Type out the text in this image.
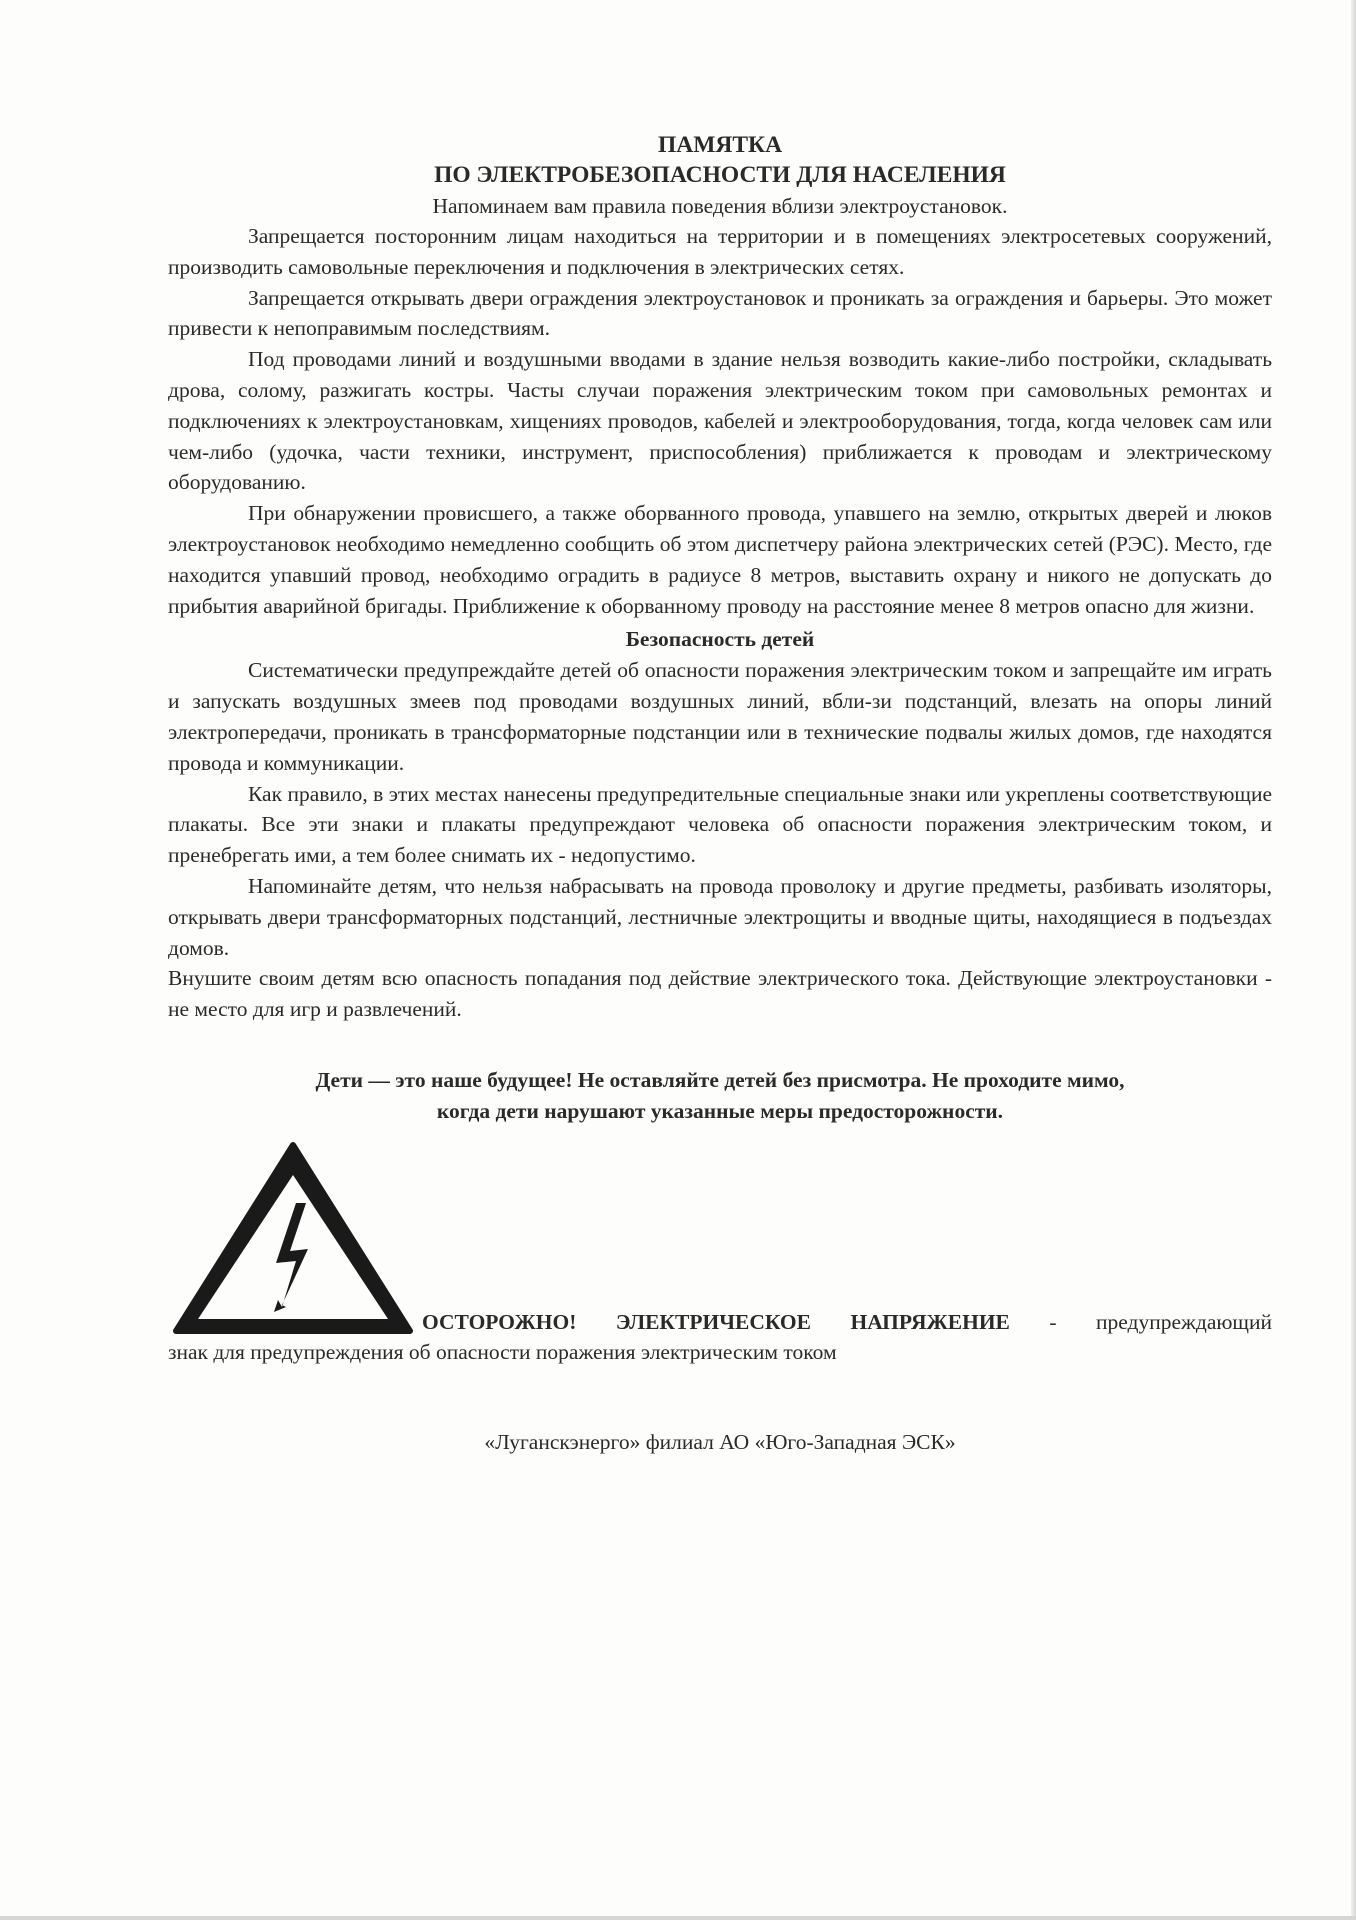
ПАМЯТКА
ПО ЭЛЕКТРОБЕЗОПАСНОСТИ ДЛЯ НАСЕЛЕНИЯ

Напоминаем вам правила поведения вблизи электроустановок.

Запрещается посторонним лицам находиться на территории и в помещениях электросетевых сооружений, производить самовольные переключения и подключения в электрических сетях.

Запрещается открывать двери ограждения электроустановок и проникать за ограждения и барьеры. Это может привести к непоправимым последствиям.

Под проводами линий и воздушными вводами в здание нельзя возводить какие-либо постройки, складывать дрова, солому, разжигать костры. Часты случаи поражения электрическим током при самовольных ремонтах и подключениях к электроустановкам, хищениях проводов, кабелей и электрооборудования, тогда, когда человек сам или чем-либо (удочка, части техники, инструмент, приспособления) приближается к проводам и электрическому оборудованию.

При обнаружении провисшего, а также оборванного провода, упавшего на землю, открытых дверей и люков электроустановок необходимо немедленно сообщить об этом диспетчеру района электрических сетей (РЭС). Место, где находится упавший провод, необходимо оградить в радиусе 8 метров, выставить охрану и никого не допускать до прибытия аварийной бригады. Приближение к оборванному проводу на расстояние менее 8 метров опасно для жизни.

Безопасность детей

Систематически предупреждайте детей об опасности поражения электрическим током и запрещайте им играть и запускать воздушных змеев под проводами воздушных линий, вбли-зи подстанций, влезать на опоры линий электропередачи, проникать в трансформаторные подстанции или в технические подвалы жилых домов, где находятся провода и коммуникации.

Как правило, в этих местах нанесены предупредительные специальные знаки или укреплены соответствующие плакаты. Все эти знаки и плакаты предупреждают человека об опасности поражения электрическим током, и пренебрегать ими, а тем более снимать их - недопустимо.

Напоминайте детям, что нельзя набрасывать на провода проволоку и другие предметы, разбивать изоляторы, открывать двери трансформаторных подстанций, лестничные электрощиты и вводные щиты, находящиеся в подъездах домов.

Внушите своим детям всю опасность попадания под действие электрического тока. Действующие электроустановки - не место для игр и развлечений.

Дети — это наше будущее! Не оставляйте детей без присмотра. Не проходите мимо,
когда дети нарушают указанные меры предосторожности.
ОСТОРОЖНО! ЭЛЕКТРИЧЕСКОЕ НАПРЯЖЕНИЕ - предупреждающий

знак для предупреждения об опасности поражения электрическим током

«Луганскэнерго» филиал АО «Юго-Западная ЭСК»
